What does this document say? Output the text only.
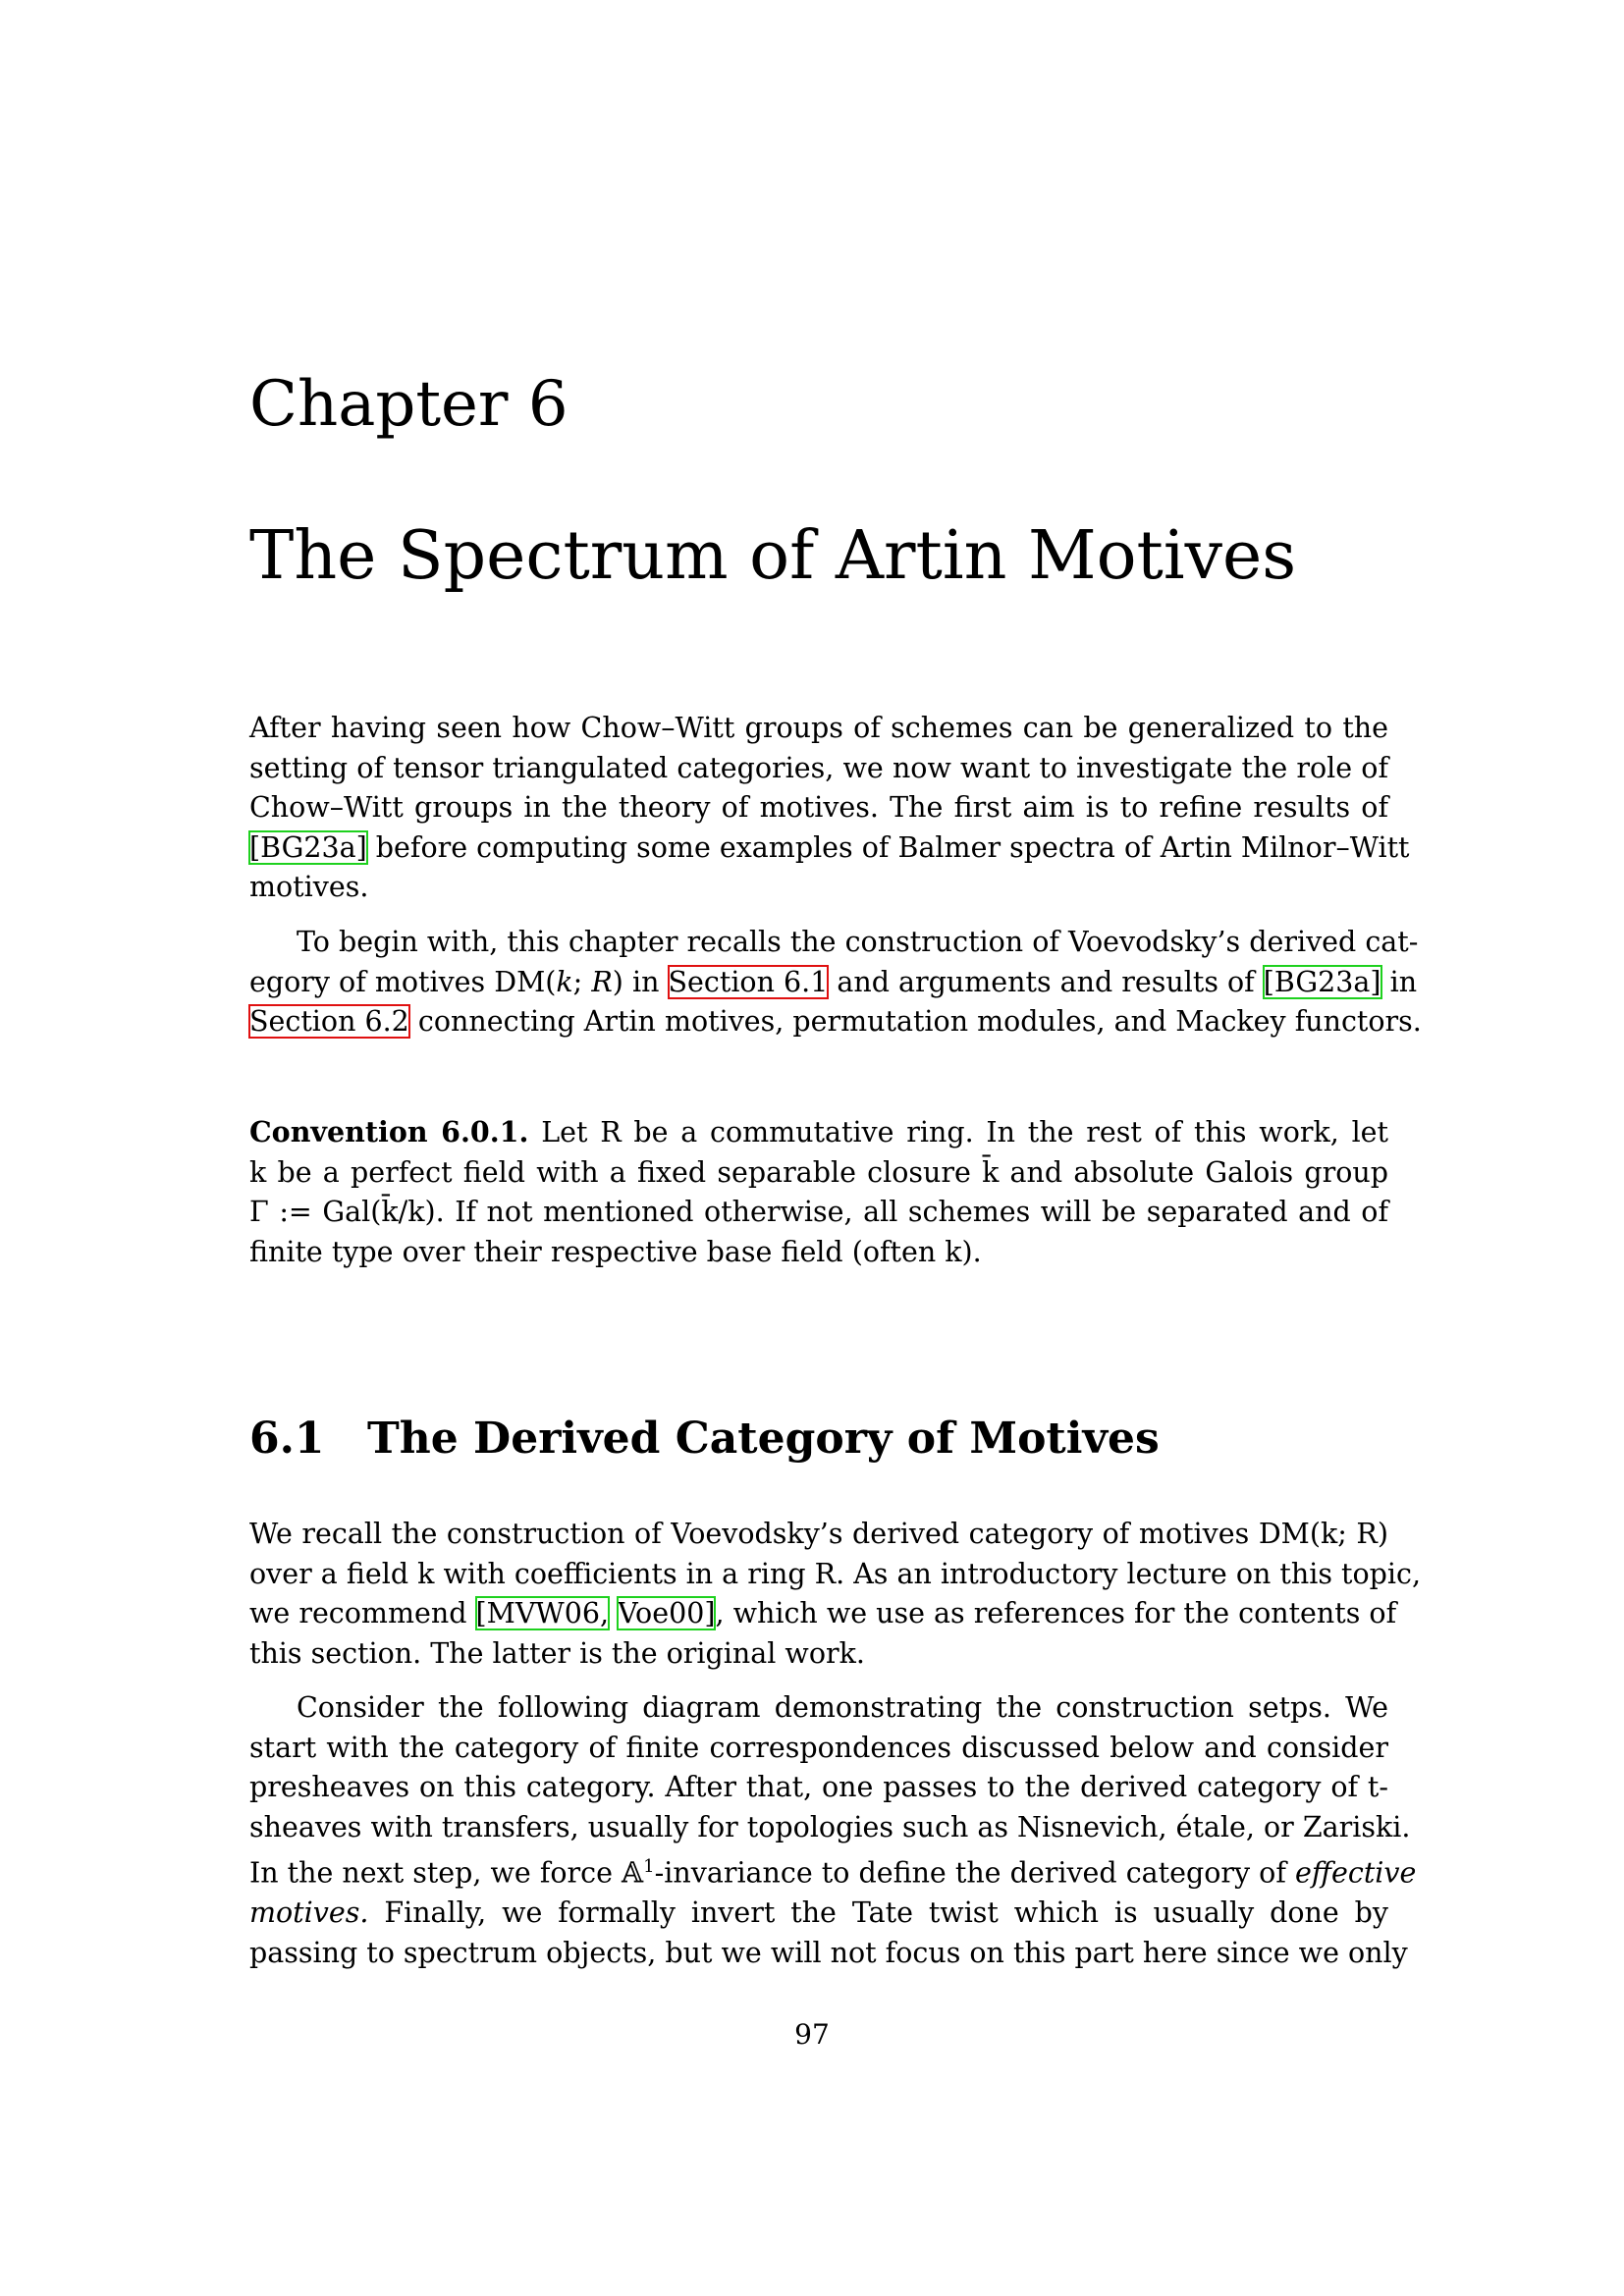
Chapter 6
The Spectrum of Artin Motives
After having seen how Chow–Witt groups of schemes can be generalized to the
setting of tensor triangulated categories, we now want to investigate the role of
Chow–Witt groups in the theory of motives. The first aim is to refine results of
[BG23a] before computing some examples of Balmer spectra of Artin Milnor–Witt
motives.
To begin with, this chapter recalls the construction of Voevodsky’s derived cat-
egory of motives DM(k; R) in Section 6.1 and arguments and results of [BG23a] in
Section 6.2 connecting Artin motives, permutation modules, and Mackey functors.
Convention 6.0.1. Let R be a commutative ring. In the rest of this work, let
k be a perfect field with a fixed separable closure k̄ and absolute Galois group
Γ := Gal(k̄/k). If not mentioned otherwise, all schemes will be separated and of
finite type over their respective base field (often k).
6.1 The Derived Category of Motives
We recall the construction of Voevodsky’s derived category of motives DM(k; R)
over a field k with coefficients in a ring R. As an introductory lecture on this topic,
we recommend [MVW06, Voe00], which we use as references for the contents of
this section. The latter is the original work.
Consider the following diagram demonstrating the construction setps. We
start with the category of finite correspondences discussed below and consider
presheaves on this category. After that, one passes to the derived category of t-
sheaves with transfers, usually for topologies such as Nisnevich, étale, or Zariski.
In the next step, we force 𝔸$^1$-invariance to define the derived category of effective
motives. Finally, we formally invert the Tate twist which is usually done by
passing to spectrum objects, but we will not focus on this part here since we only
97
